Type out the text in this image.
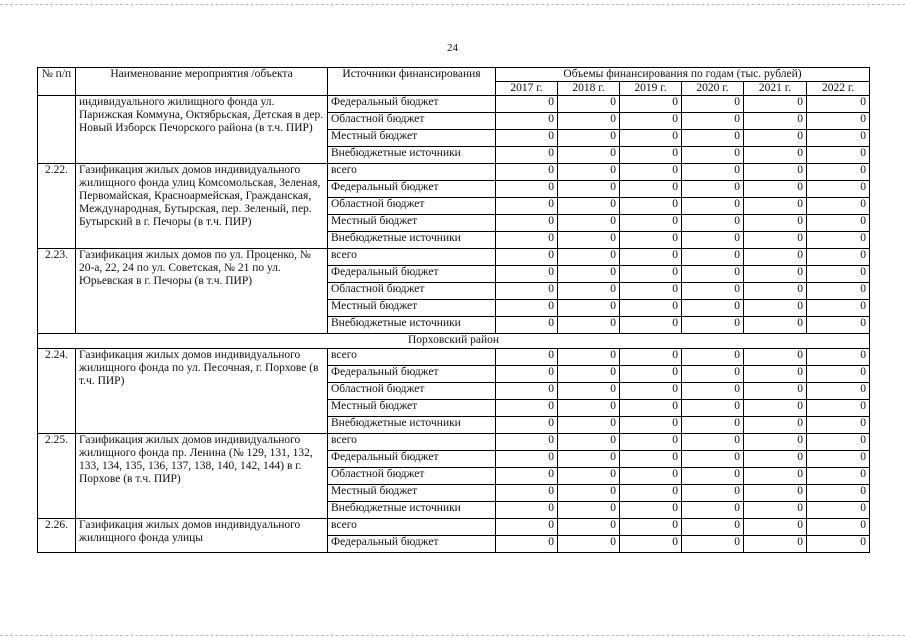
24
№ п/п	Наименование мероприятия /объекта	Источники финансирования	Объемы финансирования по годам (тыс. рублей)					
			2017 г.	2018 г.	2019 г.	2020 г.	2021 г.	2022 г.
	индивидуального жилищного фонда ул. Парижская Коммуна, Октябрьская, Детская в дер. Новый Изборск Печорского района (в т.ч. ПИР)	Федеральный бюджет	0	0	0	0	0	0
		Областной бюджет	0	0	0	0	0	0
		Местный бюджет	0	0	0	0	0	0
		Внебюджетные источники	0	0	0	0	0	0
2.22.	Газификация жилых домов индивидуального жилищного фонда улиц Комсомольская, Зеленая, Первомайская, Красноармейская, Гражданская, Международная, Бутырская, пер. Зеленый, пер. Бутырский в г. Печоры (в т.ч. ПИР)	всего	0	0	0	0	0	0
		Федеральный бюджет	0	0	0	0	0	0
		Областной бюджет	0	0	0	0	0	0
		Местный бюджет	0	0	0	0	0	0
		Внебюджетные источники	0	0	0	0	0	0
2.23.	Газификация жилых домов по ул. Проценко, № 20-а, 22, 24 по ул. Советская, № 21 по ул. Юрьевская в г. Печоры (в т.ч. ПИР)	всего	0	0	0	0	0	0
		Федеральный бюджет	0	0	0	0	0	0
		Областной бюджет	0	0	0	0	0	0
		Местный бюджет	0	0	0	0	0	0
		Внебюджетные источники	0	0	0	0	0	0
Порховский район								
2.24.	Газификация жилых домов индивидуального жилищного фонда по ул. Песочная, г. Порхове (в т.ч. ПИР)	всего	0	0	0	0	0	0
		Федеральный бюджет	0	0	0	0	0	0
		Областной бюджет	0	0	0	0	0	0
		Местный бюджет	0	0	0	0	0	0
		Внебюджетные источники	0	0	0	0	0	0
2.25.	Газификация жилых домов индивидуального жилищного фонда пр. Ленина (№ 129, 131, 132, 133, 134, 135, 136, 137, 138, 140, 142, 144) в г. Порхове (в т.ч. ПИР)	всего	0	0	0	0	0	0
		Федеральный бюджет	0	0	0	0	0	0
		Областной бюджет	0	0	0	0	0	0
		Местный бюджет	0	0	0	0	0	0
		Внебюджетные источники	0	0	0	0	0	0
2.26.	Газификация жилых домов индивидуального жилищного фонда улицы	всего	0	0	0	0	0	0
		Федеральный бюджет	0	0	0	0	0	0
